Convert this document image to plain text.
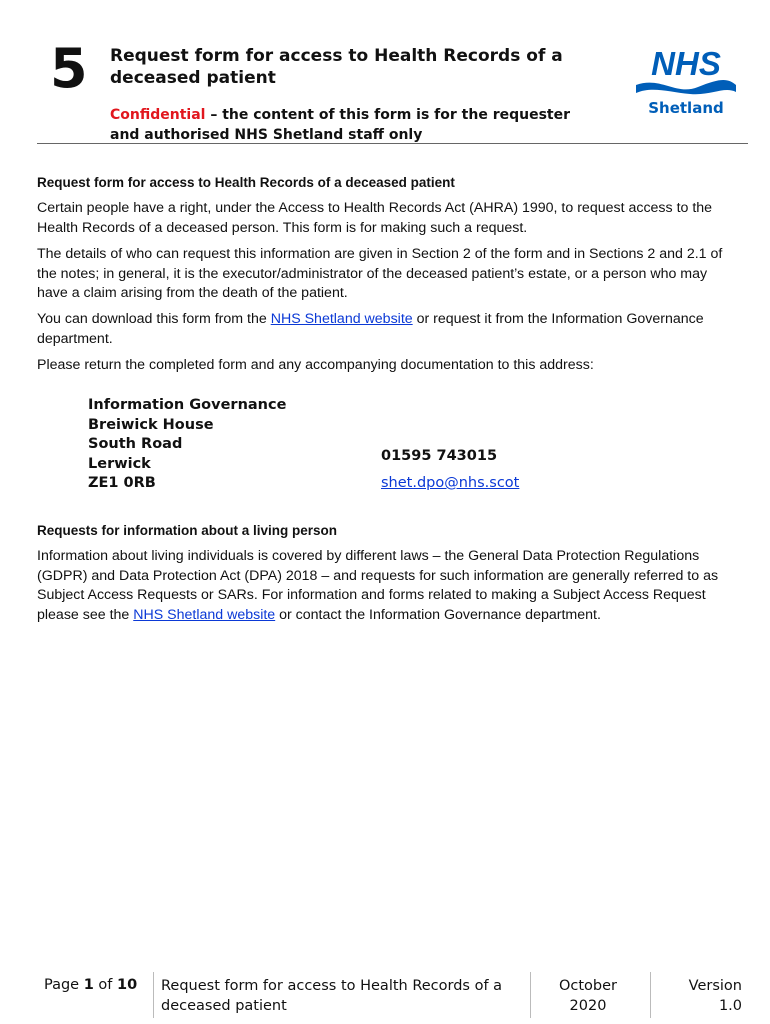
5 Request form for access to Health Records of a deceased patient
Confidential – the content of this form is for the requester and authorised NHS Shetland staff only
NHS
Shetland
Request form for access to Health Records of a deceased patient

Certain people have a right, under the Access to Health Records Act (AHRA) 1990, to request access to the Health Records of a deceased person. This form is for making such a request.

The details of who can request this information are given in Section 2 of the form and in Sections 2 and 2.1 of the notes; in general, it is the executor/administrator of the deceased patient’s estate, or a person who may have a claim arising from the death of the patient.

You can download this form from the NHS Shetland website or request it from the Information Governance department.

Please return the completed form and any accompanying documentation to this address:

Information Governance
Breiwick House
South Road
Lerwick
ZE1 0RB
01595 743015
shet.dpo@nhs.scot
Requests for information about a living person

Information about living individuals is covered by different laws – the General Data Protection Regulations (GDPR) and Data Protection Act (DPA) 2018 – and requests for such information are generally referred to as Subject Access Requests or SARs. For information and forms related to making a Subject Access Request please see the NHS Shetland website or contact the Information Governance department.

Page 1 of 10 Request form for access to Health Records of a deceased patient
October
2020
Version
1.0
